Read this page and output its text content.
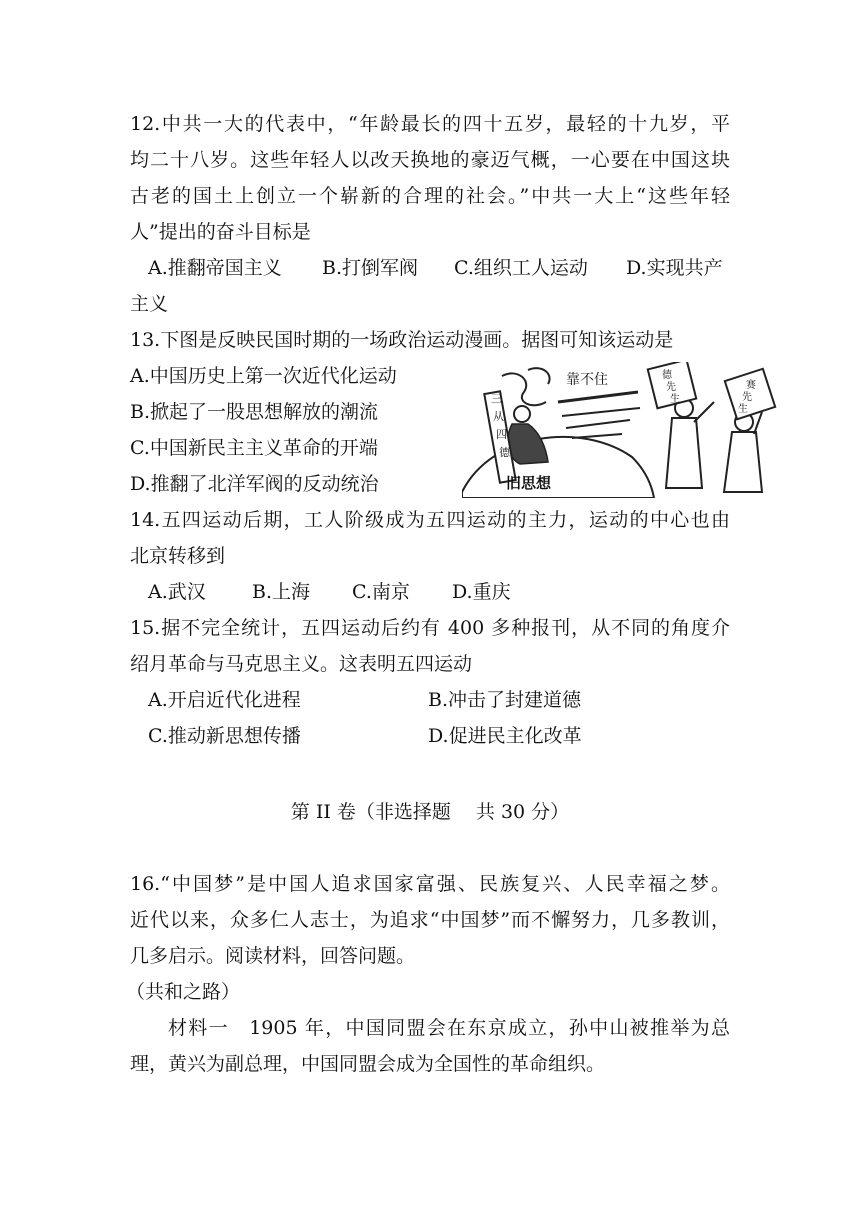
12.中共一大的代表中，“年龄最长的四十五岁，最轻的十九岁，平
均二十八岁。这些年轻人以改天换地的豪迈气概，一心要在中国这块
古老的国土上创立一个崭新的合理的社会。”中共一大上“这些年轻
人”提出的奋斗目标是
A.推翻帝国主义 B.打倒军阀 C.组织工人运动 D.实现共产
主义
13.下图是反映民国时期的一场政治运动漫画。据图可知该运动是
A.中国历史上第一次近代化运动
B.掀起了一股思想解放的潮流
C.中国新民主主义革命的开端
D.推翻了北洋军阀的反动统治
靠不住
三
从
四
德
旧思想
德
先
生
赛
先
生
14.五四运动后期，工人阶级成为五四运动的主力，运动的中心也由
北京转移到
A.武汉 B.上海 C.南京 D.重庆
15.据不完全统计，五四运动后约有 400 多种报刊，从不同的角度介
绍月革命与马克思主义。这表明五四运动
A.开启近代化进程	B.冲击了封建道德
C.推动新思想传播	D.促进民主化改革
第 II 卷（非选择题　 共 30 分）
16.“中国梦”是中国人追求国家富强、民族复兴、人民幸福之梦。
近代以来，众多仁人志士，为追求“中国梦”而不懈努力，几多教训，
几多启示。阅读材料，回答问题。
（共和之路）
材料一　1905 年，中国同盟会在东京成立，孙中山被推举为总
理，黄兴为副总理，中国同盟会成为全国性的革命组织。
